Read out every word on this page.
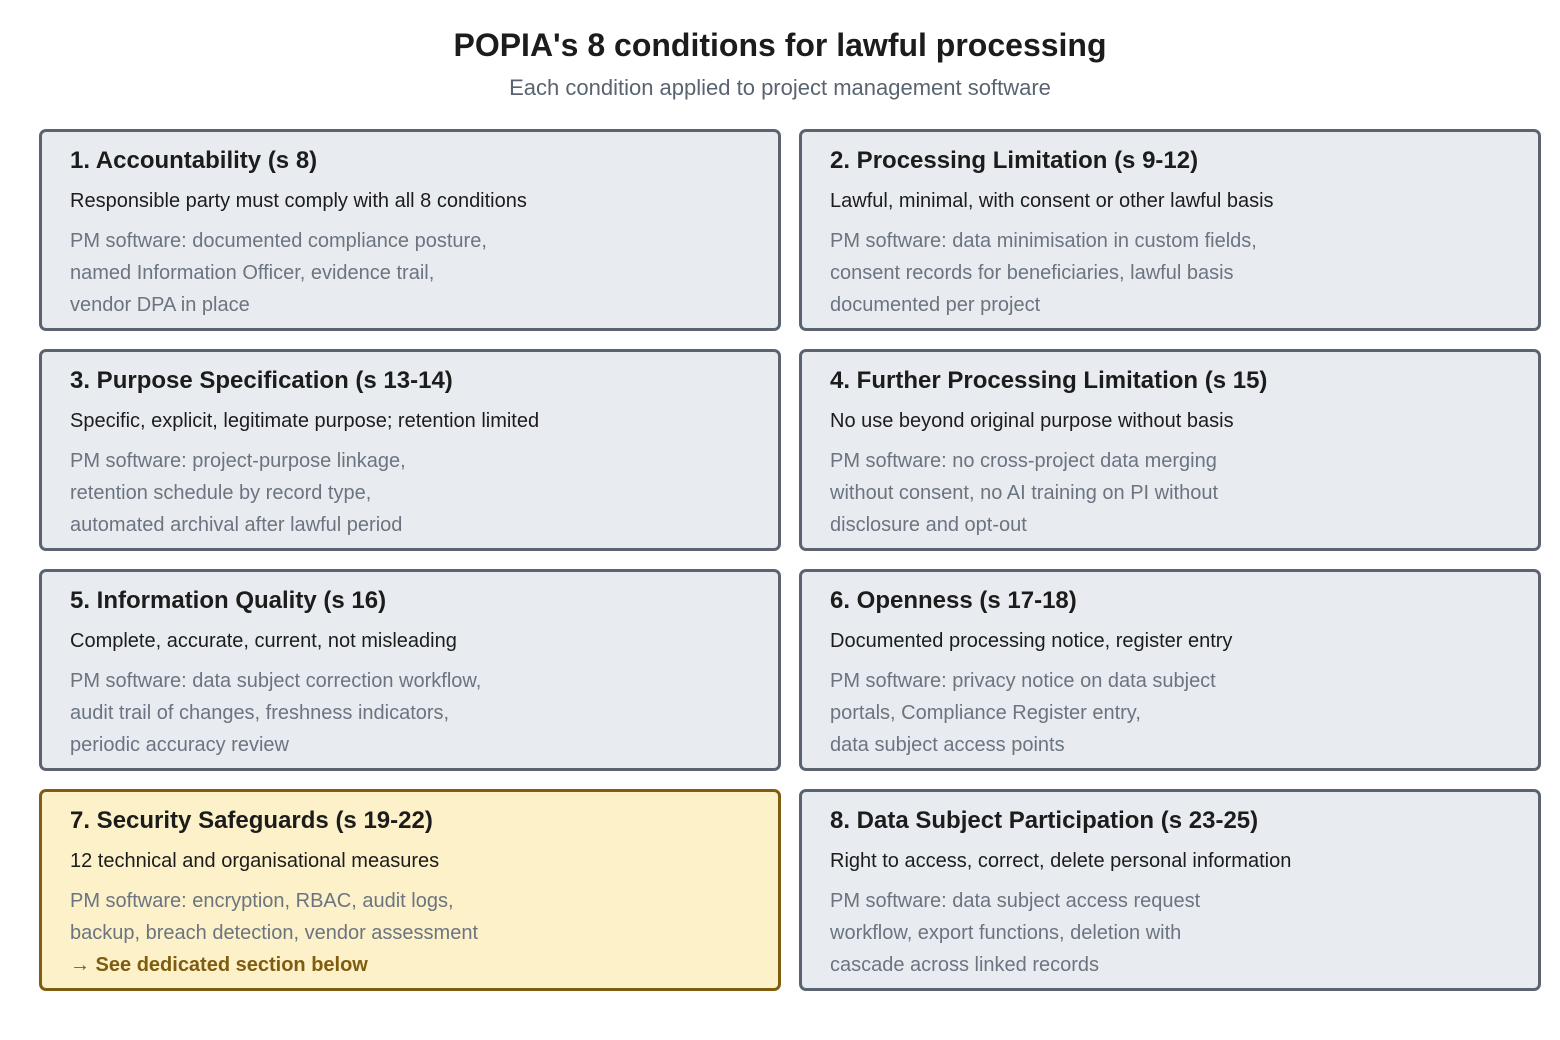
POPIA's 8 conditions for lawful processing
Each condition applied to project management software
1. Accountability (s 8)
Responsible party must comply with all 8 conditions
PM software: documented compliance posture,
named Information Officer, evidence trail,
vendor DPA in place
2. Processing Limitation (s 9-12)
Lawful, minimal, with consent or other lawful basis
PM software: data minimisation in custom fields,
consent records for beneficiaries, lawful basis
documented per project
3. Purpose Specification (s 13-14)
Specific, explicit, legitimate purpose; retention limited
PM software: project-purpose linkage,
retention schedule by record type,
automated archival after lawful period
4. Further Processing Limitation (s 15)
No use beyond original purpose without basis
PM software: no cross-project data merging
without consent, no AI training on PI without
disclosure and opt-out
5. Information Quality (s 16)
Complete, accurate, current, not misleading
PM software: data subject correction workflow,
audit trail of changes, freshness indicators,
periodic accuracy review
6. Openness (s 17-18)
Documented processing notice, register entry
PM software: privacy notice on data subject
portals, Compliance Register entry,
data subject access points
7. Security Safeguards (s 19-22)
12 technical and organisational measures
PM software: encryption, RBAC, audit logs,
backup, breach detection, vendor assessment
→ See dedicated section below
8. Data Subject Participation (s 23-25)
Right to access, correct, delete personal information
PM software: data subject access request
workflow, export functions, deletion with
cascade across linked records
